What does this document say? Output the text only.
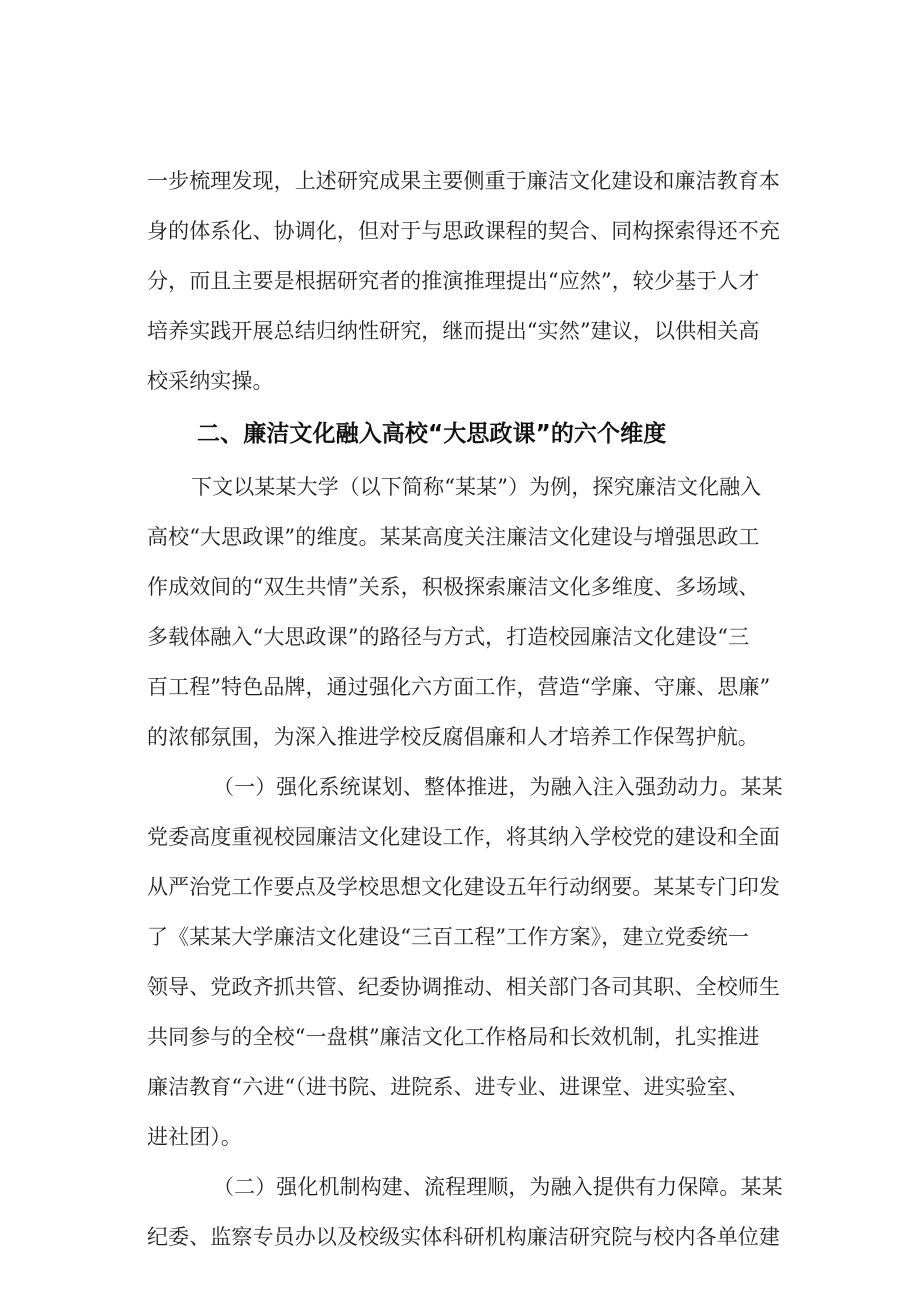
一步梳理发现，上述研究成果主要侧重于廉洁文化建设和廉洁教育本
身的体系化、协调化，但对于与思政课程的契合、同构探索得还不充
分，而且主要是根据研究者的推演推理提出“应然”，较少基于人才
培养实践开展总结归纳性研究，继而提出“实然”建议，以供相关高
校采纳实操。
二、廉洁文化融入高校“大思政课”的六个维度
下文以某某大学（以下简称“某某”）为例，探究廉洁文化融入
高校“大思政课”的维度。某某高度关注廉洁文化建设与增强思政工
作成效间的“双生共情”关系，积极探索廉洁文化多维度、多场域、
多载体融入“大思政课”的路径与方式，打造校园廉洁文化建设“三
百工程”特色品牌，通过强化六方面工作，营造“学廉、守廉、思廉”
的浓郁氛围，为深入推进学校反腐倡廉和人才培养工作保驾护航。
（一）强化系统谋划、整体推进，为融入注入强劲动力。某某
党委高度重视校园廉洁文化建设工作，将其纳入学校党的建设和全面
从严治党工作要点及学校思想文化建设五年行动纲要。某某专门印发
了《某某大学廉洁文化建设“三百工程”工作方案》，建立党委统一
领导、党政齐抓共管、纪委协调推动、相关部门各司其职、全校师生
共同参与的全校“一盘棋”廉洁文化工作格局和长效机制，扎实推进
廉洁教育“六进“（进书院、进院系、进专业、进课堂、进实验室、
进社团）。
（二）强化机制构建、流程理顺，为融入提供有力保障。某某
纪委、监察专员办以及校级实体科研机构廉洁研究院与校内各单位建
